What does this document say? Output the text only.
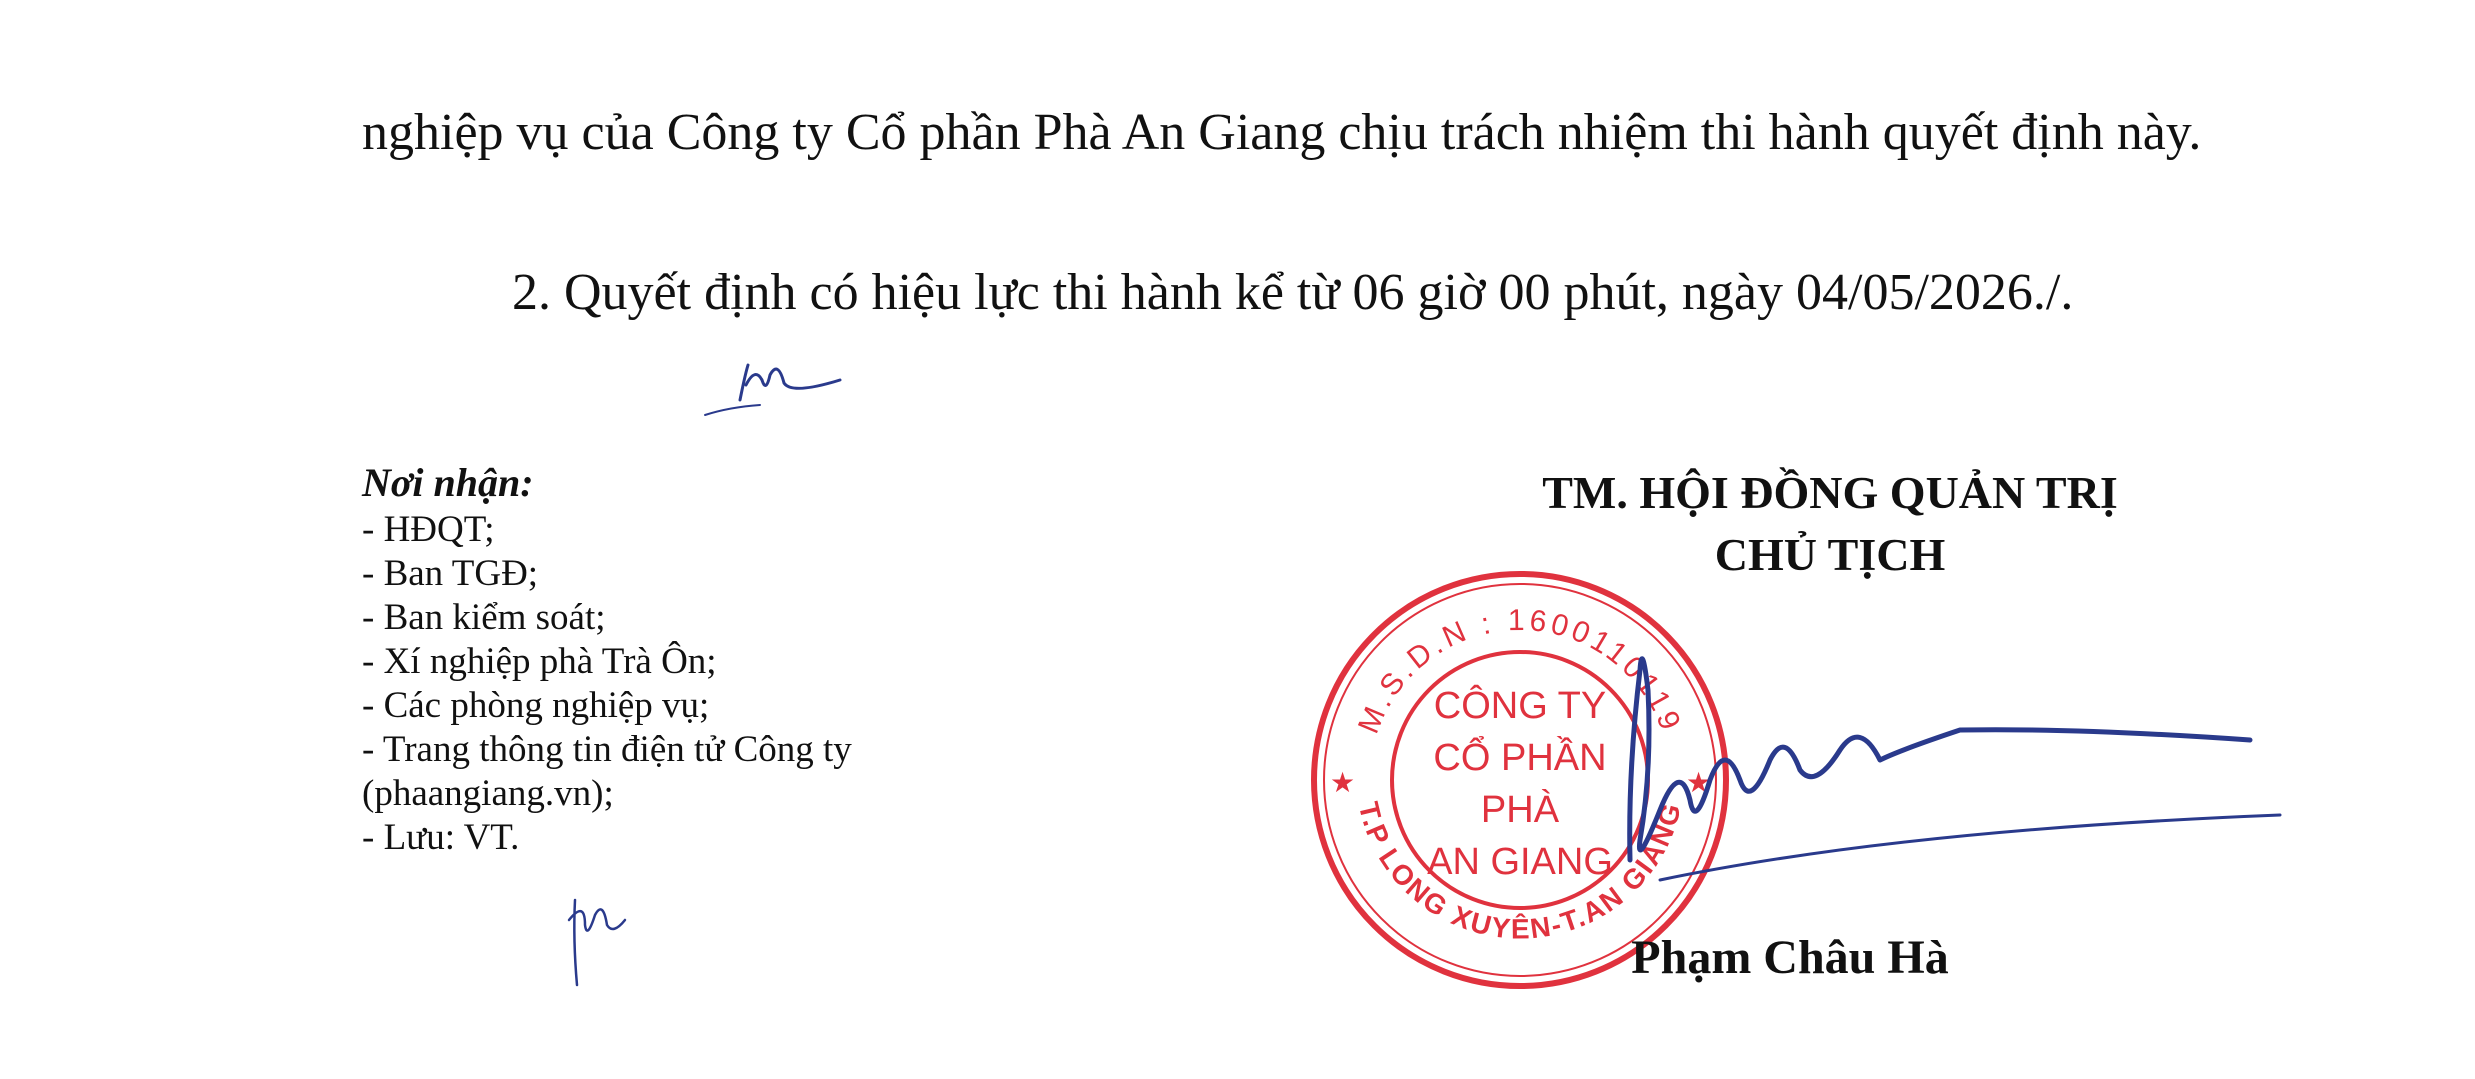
nghiệp vụ của Công ty Cổ phần Phà An Giang chịu trách nhiệm thi hành quyết định này.

2. Quyết định có hiệu lực thi hành kể từ 06 giờ 00 phút, ngày 04/05/2026./.

Nơi nhận:
- HĐQT;
- Ban TGĐ;
- Ban kiểm soát;
- Xí nghiệp phà Trà Ôn;
- Các phòng nghiệp vụ;
- Trang thông tin điện tử Công ty
(phaangiang.vn);
- Lưu: VT.
TM. HỘI ĐỒNG QUẢN TRỊ
CHỦ TỊCH
M.S.D.N : 1600110119
T.P LONG XUYÊN-T.AN GIANG
★	★
CÔNG TY
CỔ PHẦN
PHÀ
AN GIANG
Phạm Châu Hà
